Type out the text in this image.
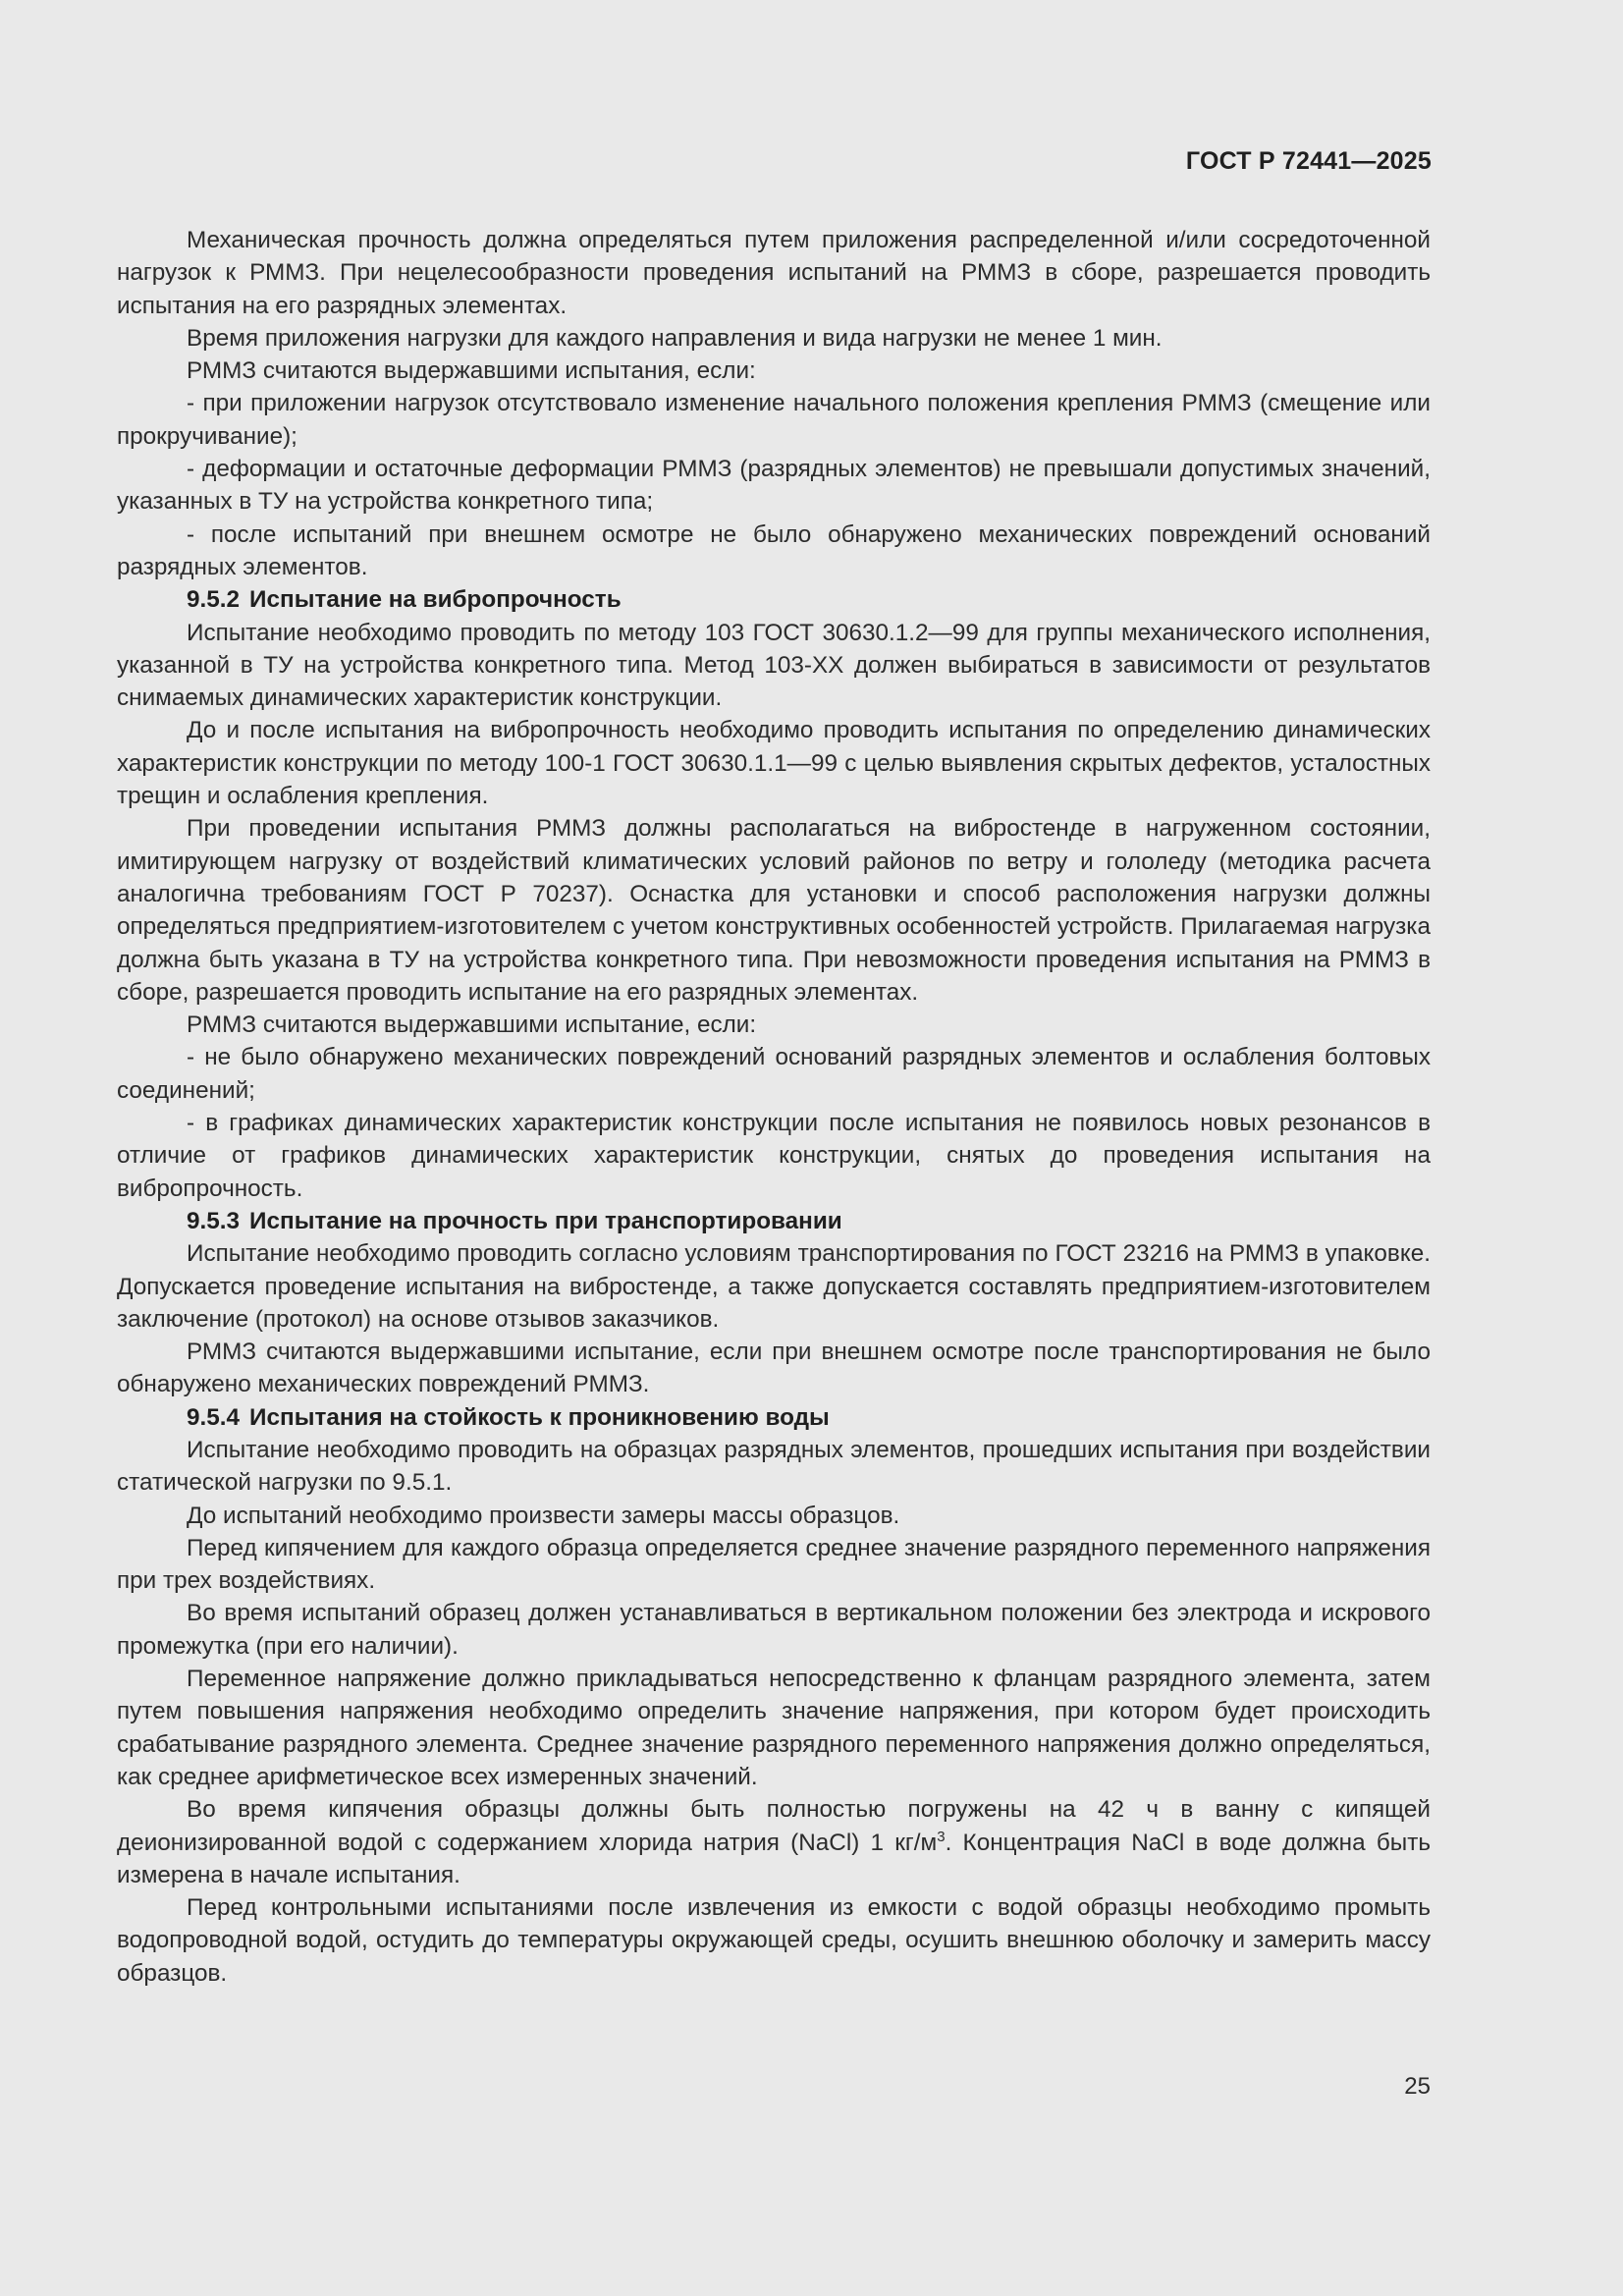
ГОСТ Р 72441—2025

Механическая прочность должна определяться путем приложения распределенной и/или сосредоточенной нагрузок к РММЗ. При нецелесообразности проведения испытаний на РММЗ в сборе, разрешается проводить испытания на его разрядных элементах.

Время приложения нагрузки для каждого направления и вида нагрузки не менее 1 мин.

РММЗ считаются выдержавшими испытания, если:

- при приложении нагрузок отсутствовало изменение начального положения крепления РММЗ (смещение или прокручивание);

- деформации и остаточные деформации РММЗ (разрядных элементов) не превышали допустимых значений, указанных в ТУ на устройства конкретного типа;

- после испытаний при внешнем осмотре не было обнаружено механических повреждений оснований разрядных элементов.

9.5.2 Испытание на вибропрочность

Испытание необходимо проводить по методу 103 ГОСТ 30630.1.2—99 для группы механического исполнения, указанной в ТУ на устройства конкретного типа. Метод 103-ХХ должен выбираться в зависимости от результатов снимаемых динамических характеристик конструкции.

До и после испытания на вибропрочность необходимо проводить испытания по определению динамических характеристик конструкции по методу 100-1 ГОСТ 30630.1.1—99 с целью выявления скрытых дефектов, усталостных трещин и ослабления крепления.

При проведении испытания РММЗ должны располагаться на вибростенде в нагруженном состоянии, имитирующем нагрузку от воздействий климатических условий районов по ветру и гололеду (методика расчета аналогична требованиям ГОСТ Р 70237). Оснастка для установки и способ расположения нагрузки должны определяться предприятием-изготовителем с учетом конструктивных особенностей устройств. Прилагаемая нагрузка должна быть указана в ТУ на устройства конкретного типа. При невозможности проведения испытания на РММЗ в сборе, разрешается проводить испытание на его разрядных элементах.

РММЗ считаются выдержавшими испытание, если:

- не было обнаружено механических повреждений оснований разрядных элементов и ослабления болтовых соединений;

- в графиках динамических характеристик конструкции после испытания не появилось новых резонансов в отличие от графиков динамических характеристик конструкции, снятых до проведения испытания на вибропрочность.

9.5.3 Испытание на прочность при транспортировании

Испытание необходимо проводить согласно условиям транспортирования по ГОСТ 23216 на РММЗ в упаковке. Допускается проведение испытания на вибростенде, а также допускается составлять предприятием-изготовителем заключение (протокол) на основе отзывов заказчиков.

РММЗ считаются выдержавшими испытание, если при внешнем осмотре после транспортирования не было обнаружено механических повреждений РММЗ.

9.5.4 Испытания на стойкость к проникновению воды

Испытание необходимо проводить на образцах разрядных элементов, прошедших испытания при воздействии статической нагрузки по 9.5.1.

До испытаний необходимо произвести замеры массы образцов.

Перед кипячением для каждого образца определяется среднее значение разрядного переменного напряжения при трех воздействиях.

Во время испытаний образец должен устанавливаться в вертикальном положении без электрода и искрового промежутка (при его наличии).

Переменное напряжение должно прикладываться непосредственно к фланцам разрядного элемента, затем путем повышения напряжения необходимо определить значение напряжения, при котором будет происходить срабатывание разрядного элемента. Среднее значение разрядного переменного напряжения должно определяться, как среднее арифметическое всех измеренных значений.

Во время кипячения образцы должны быть полностью погружены на 42 ч в ванну с кипящей деионизированной водой с содержанием хлорида натрия (NaCl) 1 $кг/м^3$. Концентрация NaCl в воде должна быть измерена в начале испытания.

Перед контрольными испытаниями после извлечения из емкости с водой образцы необходимо промыть водопроводной водой, остудить до температуры окружающей среды, осушить внешнюю оболочку и замерить массу образцов.

25
